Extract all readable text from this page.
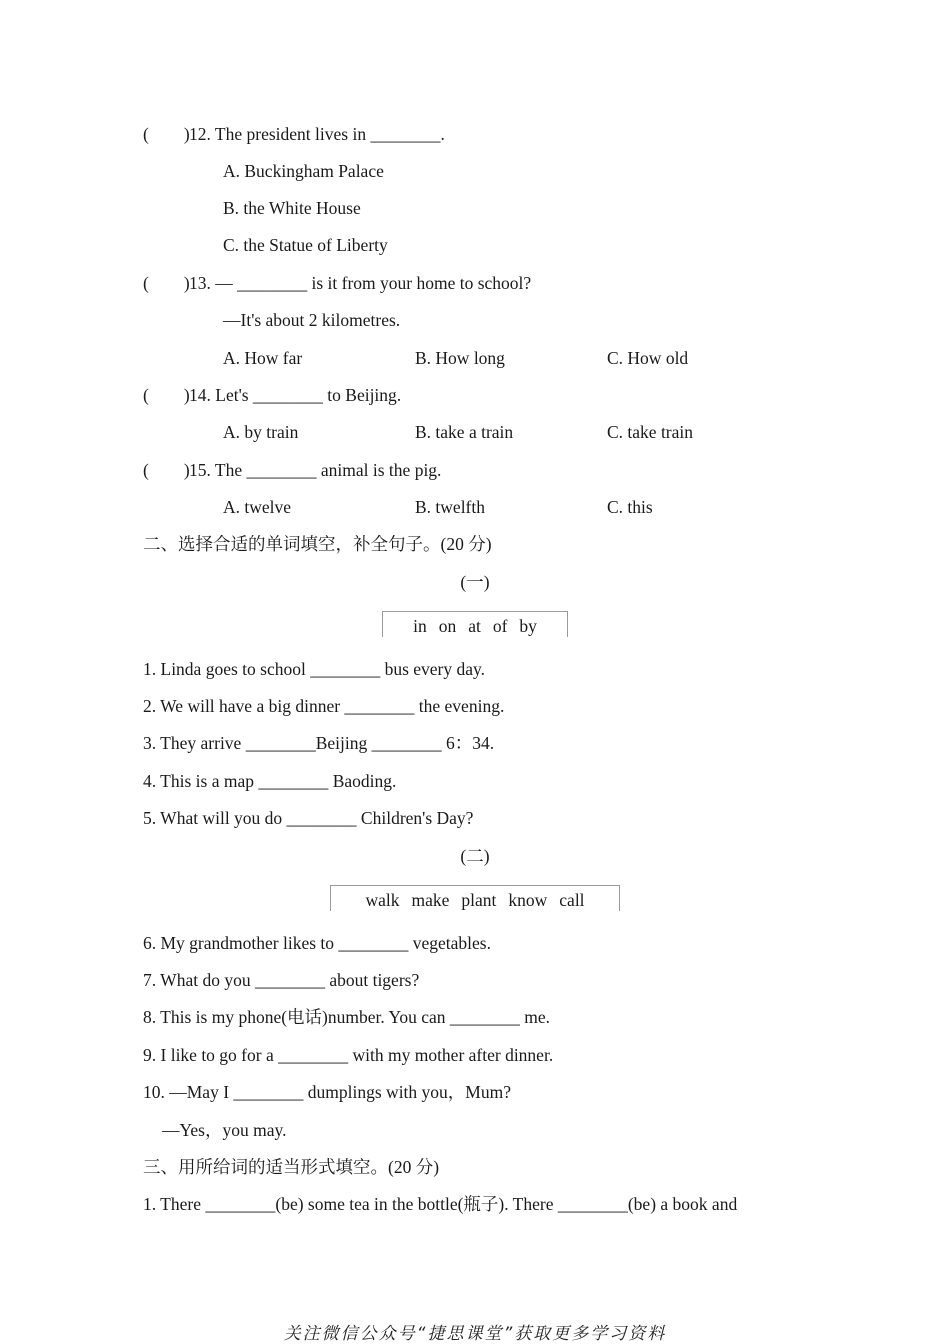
(        ) 12. The president lives in ________.
A. Buckingham Palace
B. the White House
C. the Statue of Liberty
(        ) 13. — ________ is it from your home to school?
—It's about 2 kilometres.
A. How far	B. How long	C. How old
(        ) 14. Let's ________ to Beijing.
A. by train	B. take a train	C. take train
(        ) 15. The ________ animal is the pig.
A. twelve	B. twelfth	C. this
二、选择合适的单词填空，补全句子。(20 分)
(一)
in on at of by
1. Linda goes to school ________ bus every day.
2. We will have a big dinner ________ the evening.
3. They arrive ________Beijing ________ 6：34.
4. This is a map ________ Baoding.
5. What will you do ________ Children's Day?
(二)
walk make plant know call
6. My grandmother likes to ________ vegetables.
7. What do you ________ about tigers?
8. This is my phone(电话)number. You can ________ me.
9. I like to go for a ________ with my mother after dinner.
10. —May I ________ dumplings with you，Mum?
—Yes，you may.
三、用所给词的适当形式填空。(20 分)
1. There ________(be) some tea in the bottle(瓶子). There ________(be) a book and
关注微信公众号“捷思课堂”获取更多学习资料
